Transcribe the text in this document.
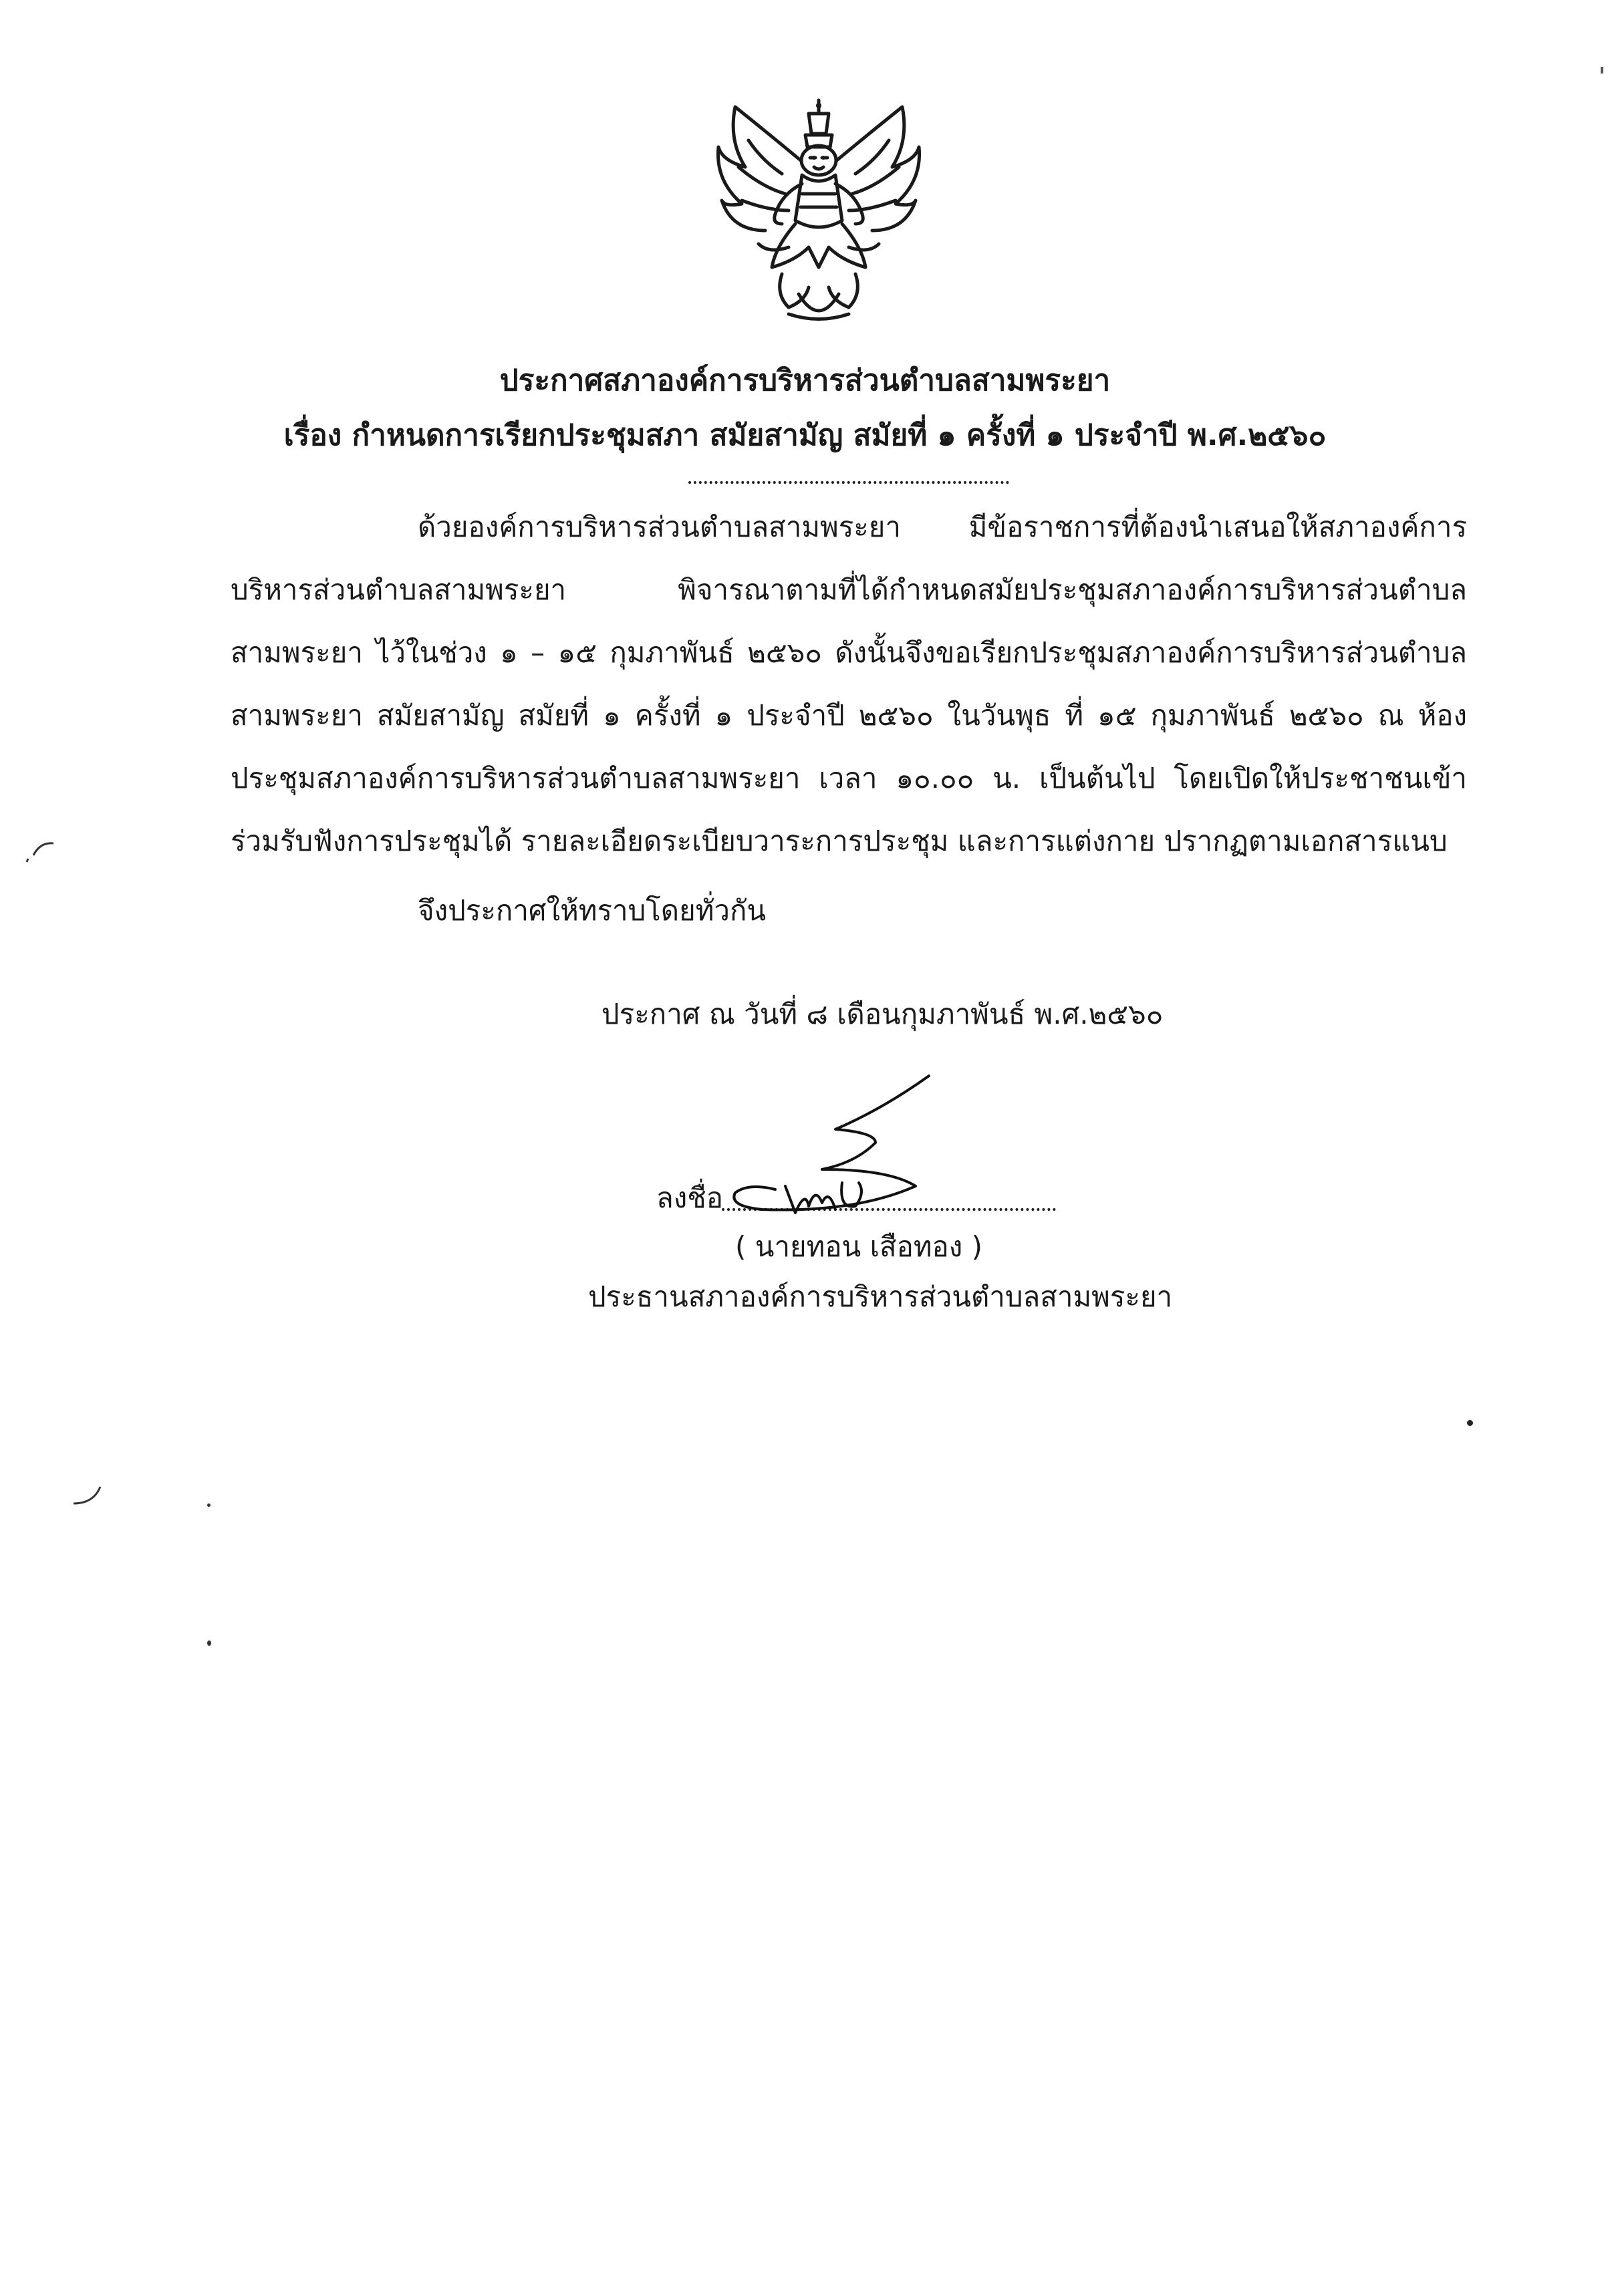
ประกาศสภาองค์การบริหารส่วนตำบลสามพระยา
เรื่อง กำหนดการเรียกประชุมสภา สมัยสามัญ สมัยที่ ๑ ครั้งที่ ๑ ประจำปี พ.ศ.๒๕๖๐
ด้วยองค์การบริหารส่วนตำบลสามพระยา มีข้อราชการที่ต้องนำเสนอให้สภาองค์การบริหารส่วนตำบลสามพระยา พิจารณาตามที่ได้กำหนดสมัยประชุมสภาองค์การบริหารส่วนตำบลสามพระยา ไว้ในช่วง ๑ – ๑๕ กุมภาพันธ์ ๒๕๖๐ ดังนั้นจึงขอเรียกประชุมสภาองค์การบริหารส่วนตำบลสามพระยา สมัยสามัญ สมัยที่ ๑ ครั้งที่ ๑ ประจำปี ๒๕๖๐ ในวันพุธ ที่ ๑๕ กุมภาพันธ์ ๒๕๖๐ ณ ห้องประชุมสภาองค์การบริหารส่วนตำบลสามพระยา เวลา ๑๐.๐๐ น. เป็นต้นไป โดยเปิดให้ประชาชนเข้าร่วมรับฟังการประชุมได้ รายละเอียดระเบียบวาระการประชุม และการแต่งกาย ปรากฏตามเอกสารแนบ
จึงประกาศให้ทราบโดยทั่วกัน
ประกาศ ณ วันที่ ๘ เดือนกุมภาพันธ์ พ.ศ.๒๕๖๐
ลงชื่อ
( นายทอน เสือทอง )
ประธานสภาองค์การบริหารส่วนตำบลสามพระยา
